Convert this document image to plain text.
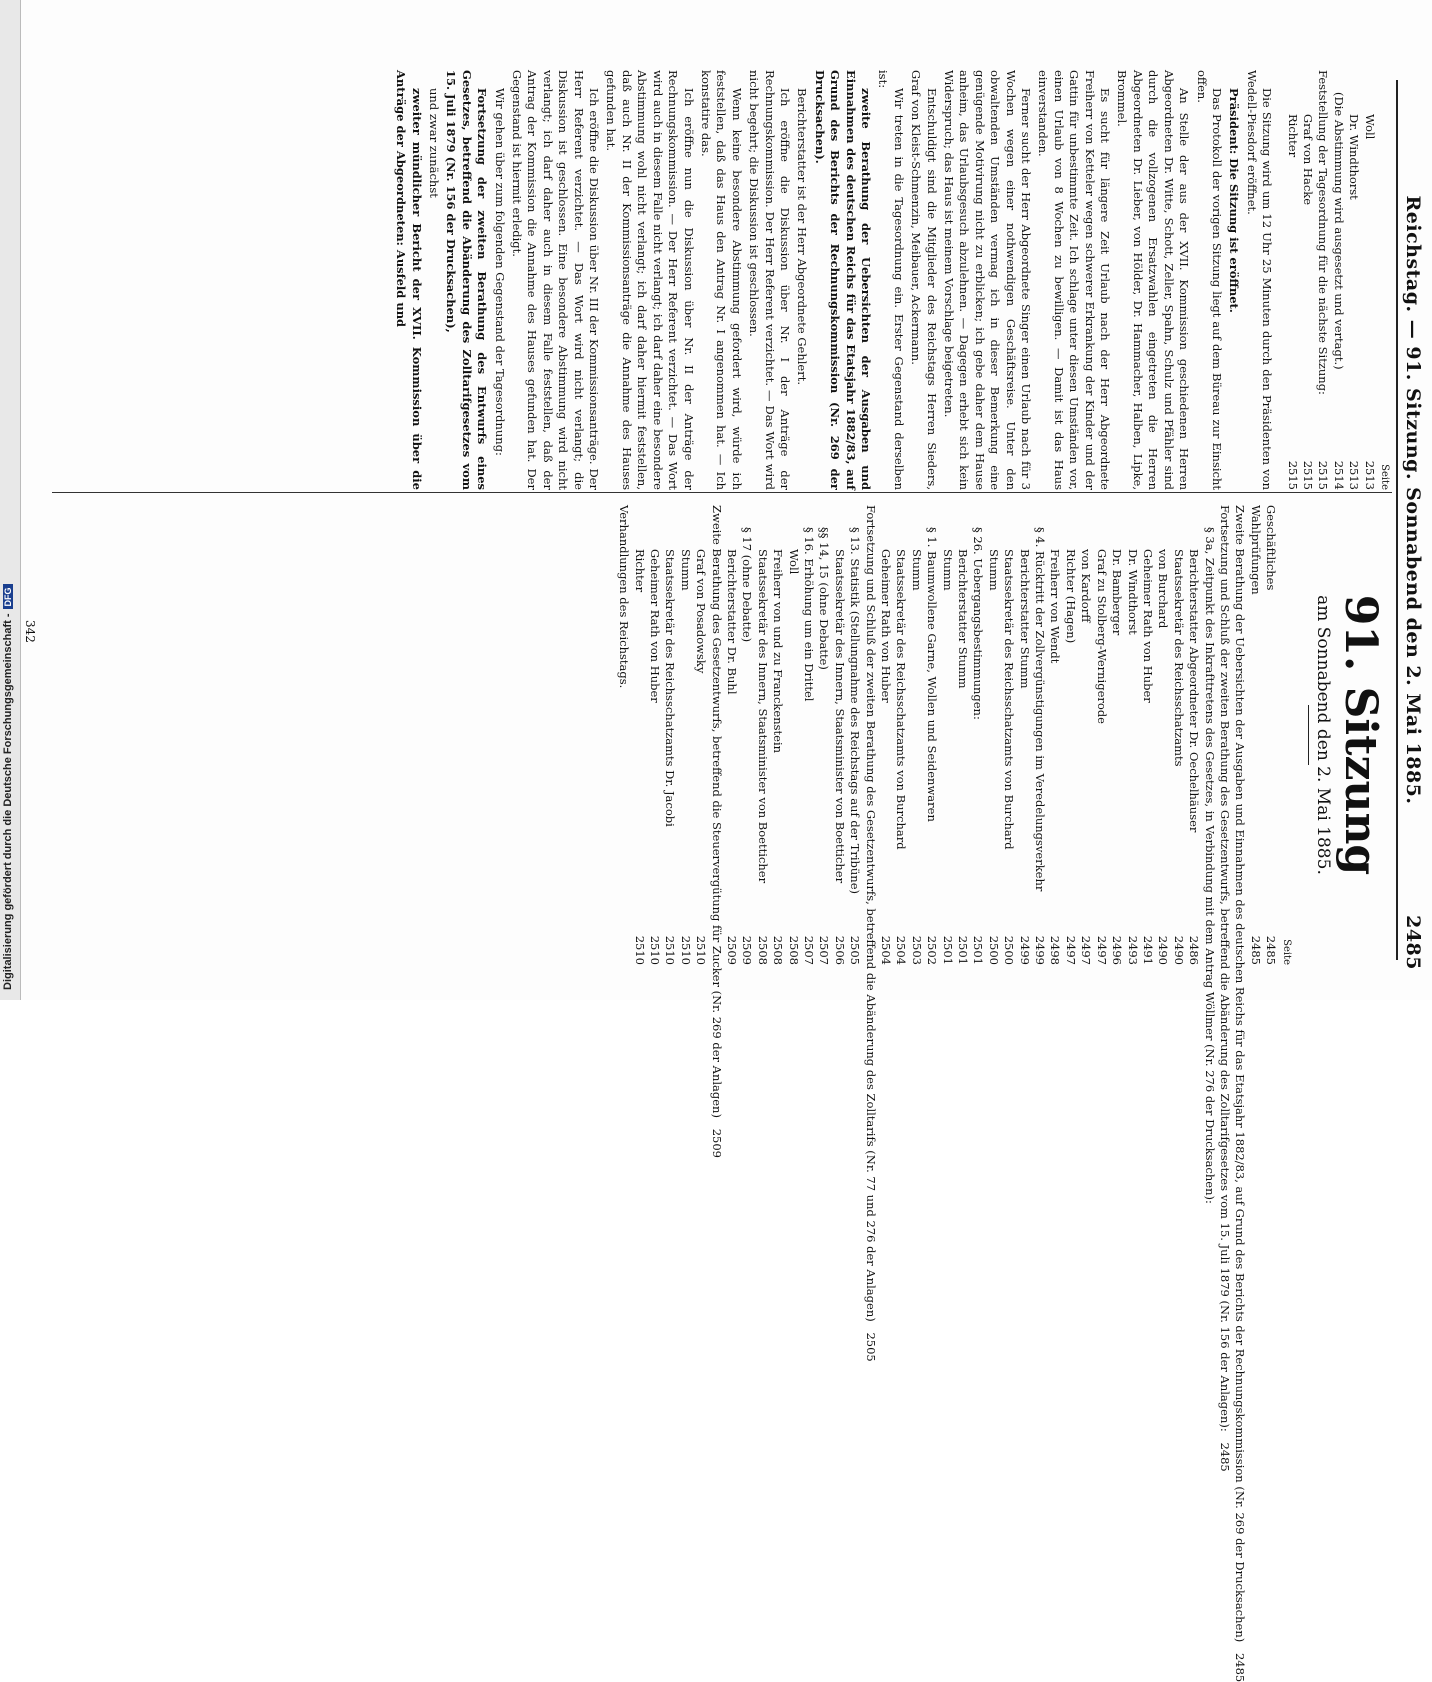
Reichstag. — 91. Sitzung. Sonnabend den 2. Mai 1885.
2485
91. Sitzung
am Sonnabend den 2. Mai 1885.
Seite
Geschäftliches
2485
Wahlprüfungen
2485
Zweite Berathung der Uebersichten der Ausgaben und Einnahmen des deutschen Reichs für das Etatsjahr 1882/83, auf Grund des Berichts der Rechnungskommission (Nr. 269 der Drucksachen)
2485
Fortsetzung und Schluß der zweiten Berathung des Gesetzentwurfs, betreffend die Abänderung des Zolltarifgesetzes vom 15. Juli 1879 (Nr. 156 der Anlagen):
2485
§ 3a, Zeitpunkt des Inkrafttretens des Gesetzes, in Verbindung mit dem Antrag Wöllmer (Nr. 276 der Drucksachen):
Berichterstatter Abgeordneter Dr. Oechelhäuser
2486
Staatssekretär des Reichsschatzamts
2490
von Burchard
2490
Geheimer Rath von Huber
2491
Dr. Windthorst
2493
Dr. Bamberger
2496
Graf zu Stolberg-Wernigerode
2497
von Kardorff
2497
Richter (Hagen)
2497
Freiherr von Wendt
2498
§ 4. Rücktritt der Zollvergünstigungen im Veredelungsverkehr
2499
Berichterstatter Stumm
2499
Staatssekretär des Reichsschatzamts von Burchard
2500
Stumm
2500
§ 26. Uebergangsbestimmungen:
2501
Berichterstatter Stumm
2501
Stumm
2501
§ 1. Baumwollene Garne, Wollen und Seidenwaren
2502
Stumm
2503
Staatssekretär des Reichsschatzamts von Burchard
2504
Geheimer Rath von Huber
2504
Fortsetzung und Schluß der zweiten Berathung des Gesetzentwurfs, betreffend die Abänderung des Zolltarifs (Nr. 77 und 276 der Anlagen)
2505
§ 13. Statistik (Stellungnahme des Reichstags auf der Tribüne)
2505
Staatssekretär des Innern, Staatsminister von Boetticher
2506
§§ 14, 15 (ohne Debatte)
2507
§ 16. Erhöhung um ein Drittel
2507
Woll
2508
Freiherr von und zu Franckenstein
2508
Staatssekretär des Innern, Staatsminister von Boetticher
2508
§ 17 (ohne Debatte)
2509
Berichterstatter Dr. Buhl
2509
Zweite Berathung des Gesetzentwurfs, betreffend die Steuervergütung für Zucker (Nr. 269 der Anlagen)
2509
Graf von Posadowsky
2510
Stumm
2510
Staatssekretär des Reichsschatzamts Dr. Jacobi
2510
Geheimer Rath von Huber
2510
Richter
2510
Verhandlungen des Reichstags.
Seite
Woll
2513
Dr. Windthorst
2513
(Die Abstimmung wird ausgesetzt und vertagt.)
2514
Feststellung der Tagesordnung für die nächste Sitzung:
2515
Graf von Hacke
2515
Richter
2515

Die Sitzung wird um 12 Uhr 25 Minuten durch den Präsidenten von Wedell-Piesdorf eröffnet.

Präsident: Die Sitzung ist eröffnet.

Das Protokoll der vorigen Sitzung liegt auf dem Büreau zur Einsicht offen.

An Stelle der aus der XVII. Kommission geschiedenen Herren Abgeordneten Dr. Witte, Schott, Zeller, Spahn, Schulz und Pfähler sind durch die vollzogenen Ersatzwahlen eingetreten die Herren Abgeordneten Dr. Lieber, von Hölder, Dr. Hammacher, Halben, Lipke, Brommel.

Es sucht für längere Zeit Urlaub nach der Herr Abgeordnete Freiherr von Ketteler wegen schwerer Erkrankung der Kinder und der Gattin für unbestimmte Zeit. Ich schlage unter diesen Umständen vor, einen Urlaub von 8 Wochen zu bewilligen. — Damit ist das Haus einverstanden.

Ferner sucht der Herr Abgeordnete Singer einen Urlaub nach für 3 Wochen wegen einer nothwendigen Geschäftsreise. Unter den obwaltenden Umständen vermag ich in dieser Bemerkung eine genügende Motivirung nicht zu erblicken; ich gebe daher dem Hause anheim, das Urlaubsgesuch abzulehnen. — Dagegen erhebt sich kein Widerspruch; das Haus ist meinem Vorschlage beigetreten.

Entschuldigt sind die Mitglieder des Reichstags Herren Sieders, Graf von Kleist-Schmenzin, Meibauer, Ackermann.

Wir treten in die Tagesordnung ein. Erster Gegenstand derselben ist:

zweite Berathung der Uebersichten der Ausgaben und Einnahmen des deutschen Reichs für das Etatsjahr 1882/83, auf Grund des Berichts der Rechnungskommission (Nr. 269 der Drucksachen).

Berichterstatter ist der Herr Abgeordnete Gehlert.

Ich eröffne die Diskussion über Nr. I der Anträge der Rechnungskommission. Der Herr Referent verzichtet. — Das Wort wird nicht begehrt; die Diskussion ist geschlossen.

Wenn keine besondere Abstimmung gefordert wird, würde ich feststellen, daß das Haus den Antrag Nr. I angenommen hat. — Ich konstatire das.

Ich eröffne nun die Diskussion über Nr. II der Anträge der Rechnungskommission. — Der Herr Referent verzichtet. — Das Wort wird auch in diesem Falle nicht verlangt; ich darf daher eine besondere Abstimmung wohl nicht verlangt; ich darf daher hiermit feststellen, daß auch Nr. II der Kommissionsanträge die Annahme des Hauses gefunden hat.

Ich eröffne die Diskussion über Nr. III der Kommissionsanträge. Der Herr Referent verzichtet. — Das Wort wird nicht verlangt; die Diskussion ist geschlossen. Eine besondere Abstimmung wird nicht verlangt; ich darf daher auch in diesem Falle feststellen, daß der Antrag der Kommission die Annahme des Hauses gefunden hat. Der Gegenstand ist hiermit erledigt.

Wir gehen über zum folgenden Gegenstand der Tagesordnung:

Fortsetzung der zweiten Berathung des Entwurfs eines Gesetzes, betreffend die Abänderung des Zolltarifgesetzes vom 15. Juli 1879 (Nr. 156 der Drucksachen),

und zwar zunächst

zweiter mündlicher Bericht der XVII. Kommission über die Anträge der Abgeordneten: Ausfeld und

342
Digitalisierung gefördert durch die Deutsche Forschungsgemeinschaft -DFG
